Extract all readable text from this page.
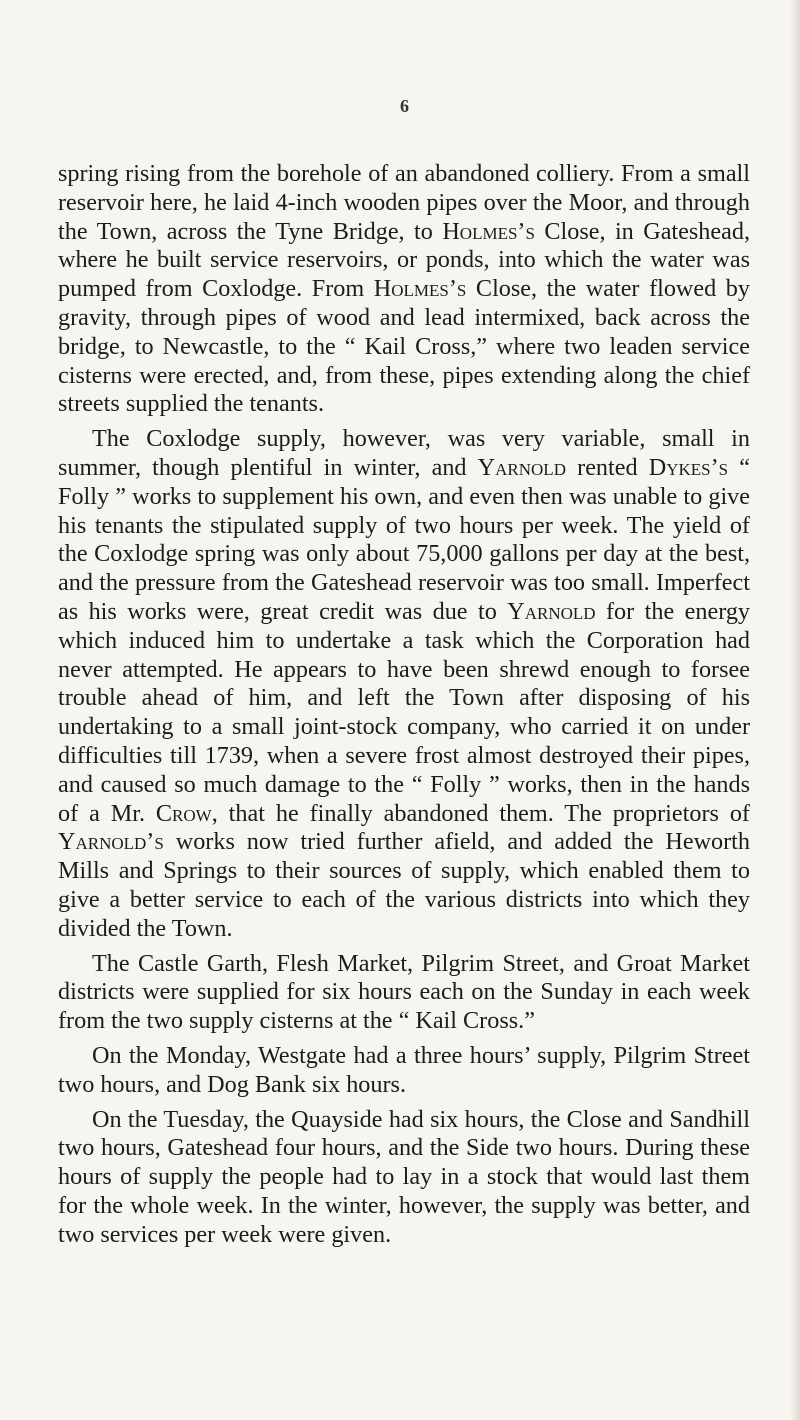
6

spring rising from the borehole of an abandoned colliery. From a small reservoir here, he laid 4-inch wooden pipes over the Moor, and through the Town, across the Tyne Bridge, to Holmes’s Close, in Gateshead, where he built service reservoirs, or ponds, into which the water was pumped from Coxlodge. From Holmes’s Close, the water flowed by gravity, through pipes of wood and lead intermixed, back across the bridge, to Newcastle, to the “ Kail Cross,” where two leaden service cisterns were erected, and, from these, pipes extending along the chief streets supplied the tenants.

The Coxlodge supply, however, was very variable, small in summer, though plentiful in winter, and Yarnold rented Dykes’s “ Folly ” works to supplement his own, and even then was unable to give his tenants the stipulated supply of two hours per week. The yield of the Coxlodge spring was only about 75,000 gallons per day at the best, and the pressure from the Gateshead reservoir was too small. Imperfect as his works were, great credit was due to Yarnold for the energy which induced him to undertake a task which the Corporation had never attempted. He appears to have been shrewd enough to forsee trouble ahead of him, and left the Town after disposing of his undertaking to a small joint-stock company, who carried it on under difficulties till 1739, when a severe frost almost destroyed their pipes, and caused so much damage to the “ Folly ” works, then in the hands of a Mr. Crow, that he finally abandoned them. The proprietors of Yarnold’s works now tried further afield, and added the Heworth Mills and Springs to their sources of supply, which enabled them to give a better service to each of the various districts into which they divided the Town.

The Castle Garth, Flesh Market, Pilgrim Street, and Groat Market districts were supplied for six hours each on the Sunday in each week from the two supply cisterns at the “ Kail Cross.”

On the Monday, Westgate had a three hours’ supply, Pilgrim Street two hours, and Dog Bank six hours.

On the Tuesday, the Quayside had six hours, the Close and Sandhill two hours, Gateshead four hours, and the Side two hours. During these hours of supply the people had to lay in a stock that would last them for the whole week. In the winter, however, the supply was better, and two services per week were given.
